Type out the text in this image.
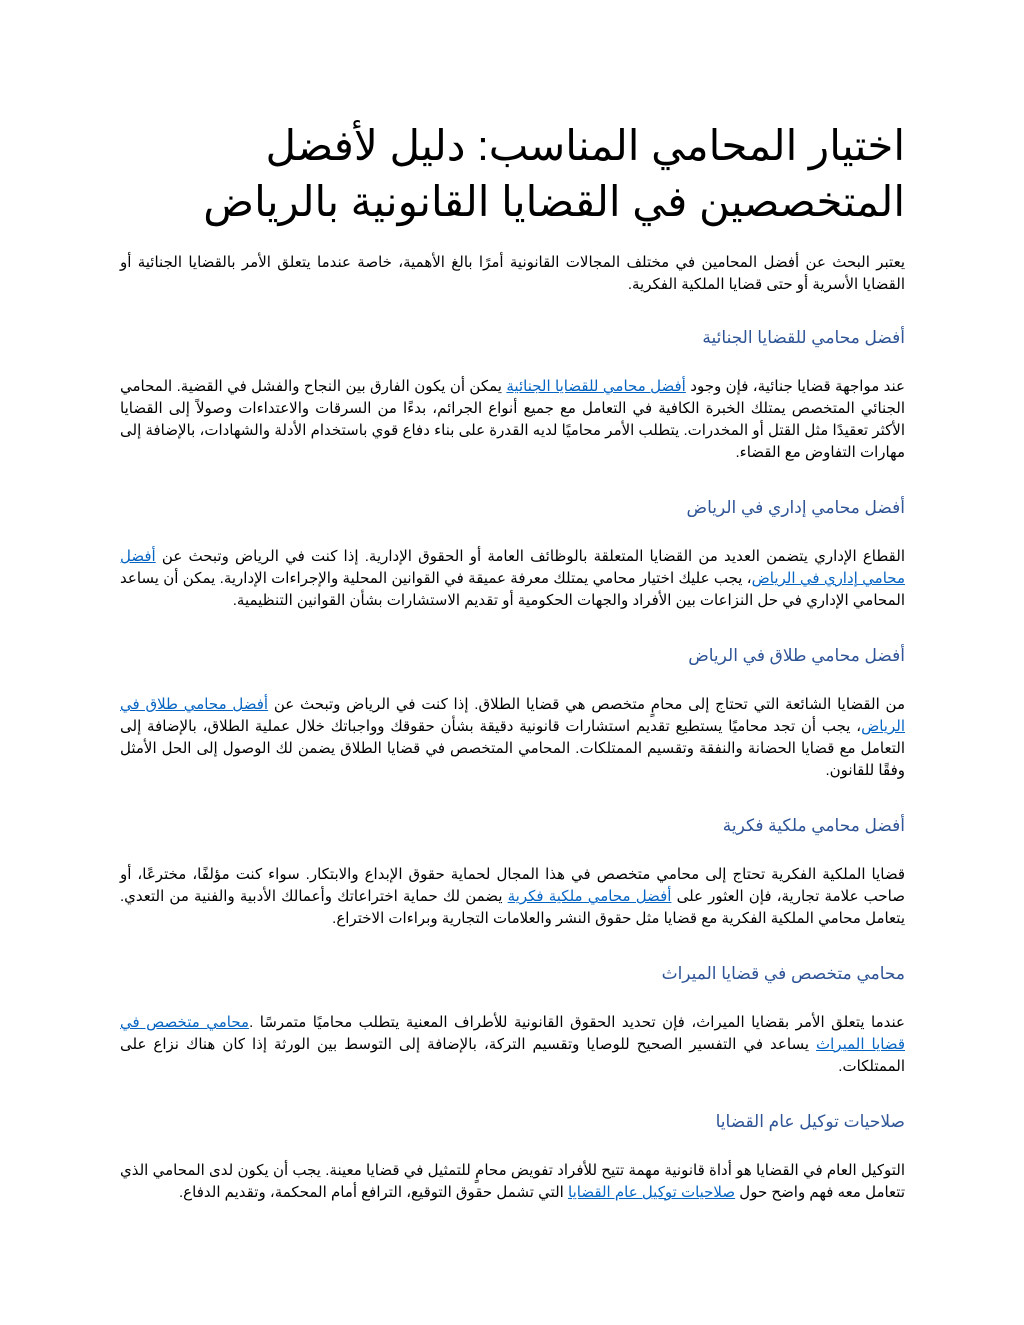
اختيار المحامي المناسب: دليل لأفضل المتخصصين في القضايا القانونية بالرياض

يعتبر البحث عن أفضل المحامين في مختلف المجالات القانونية أمرًا بالغ الأهمية، خاصة عندما يتعلق الأمر بالقضايا الجنائية أو القضايا الأسرية أو حتى قضايا الملكية الفكرية.

أفضل محامي للقضايا الجنائية

عند مواجهة قضايا جنائية، فإن وجود أفضل محامي للقضايا الجنائية يمكن أن يكون الفارق بين النجاح والفشل في القضية. المحامي الجنائي المتخصص يمتلك الخبرة الكافية في التعامل مع جميع أنواع الجرائم، بدءًا من السرقات والاعتداءات وصولاً إلى القضايا الأكثر تعقيدًا مثل القتل أو المخدرات. يتطلب الأمر محاميًا لديه القدرة على بناء دفاع قوي باستخدام الأدلة والشهادات، بالإضافة إلى مهارات التفاوض مع القضاء.

أفضل محامي إداري في الرياض

القطاع الإداري يتضمن العديد من القضايا المتعلقة بالوظائف العامة أو الحقوق الإدارية. إذا كنت في الرياض وتبحث عن أفضل محامي إداري في الرياض، يجب عليك اختيار محامي يمتلك معرفة عميقة في القوانين المحلية والإجراءات الإدارية. يمكن أن يساعد المحامي الإداري في حل النزاعات بين الأفراد والجهات الحكومية أو تقديم الاستشارات بشأن القوانين التنظيمية.

أفضل محامي طلاق في الرياض

من القضايا الشائعة التي تحتاج إلى محامٍ متخصص هي قضايا الطلاق. إذا كنت في الرياض وتبحث عن أفضل محامي طلاق في الرياض، يجب أن تجد محاميًا يستطيع تقديم استشارات قانونية دقيقة بشأن حقوقك وواجباتك خلال عملية الطلاق، بالإضافة إلى التعامل مع قضايا الحضانة والنفقة وتقسيم الممتلكات. المحامي المتخصص في قضايا الطلاق يضمن لك الوصول إلى الحل الأمثل وفقًا للقانون.

أفضل محامي ملكية فكرية

قضايا الملكية الفكرية تحتاج إلى محامي متخصص في هذا المجال لحماية حقوق الإبداع والابتكار. سواء كنت مؤلفًا، مخترعًا، أو صاحب علامة تجارية، فإن العثور على أفضل محامي ملكية فكرية يضمن لك حماية اختراعاتك وأعمالك الأدبية والفنية من التعدي. يتعامل محامي الملكية الفكرية مع قضايا مثل حقوق النشر والعلامات التجارية وبراءات الاختراع.

محامي متخصص في قضايا الميراث

عندما يتعلق الأمر بقضايا الميراث، فإن تحديد الحقوق القانونية للأطراف المعنية يتطلب محاميًا متمرسًا .محامي متخصص في قضايا الميراث يساعد في التفسير الصحيح للوصايا وتقسيم التركة، بالإضافة إلى التوسط بين الورثة إذا كان هناك نزاع على الممتلكات.

صلاحيات توكيل عام القضايا

التوكيل العام في القضايا هو أداة قانونية مهمة تتيح للأفراد تفويض محامٍ للتمثيل في قضايا معينة. يجب أن يكون لدى المحامي الذي تتعامل معه فهم واضح حول صلاحيات توكيل عام القضايا التي تشمل حقوق التوقيع، الترافع أمام المحكمة، وتقديم الدفاع.
